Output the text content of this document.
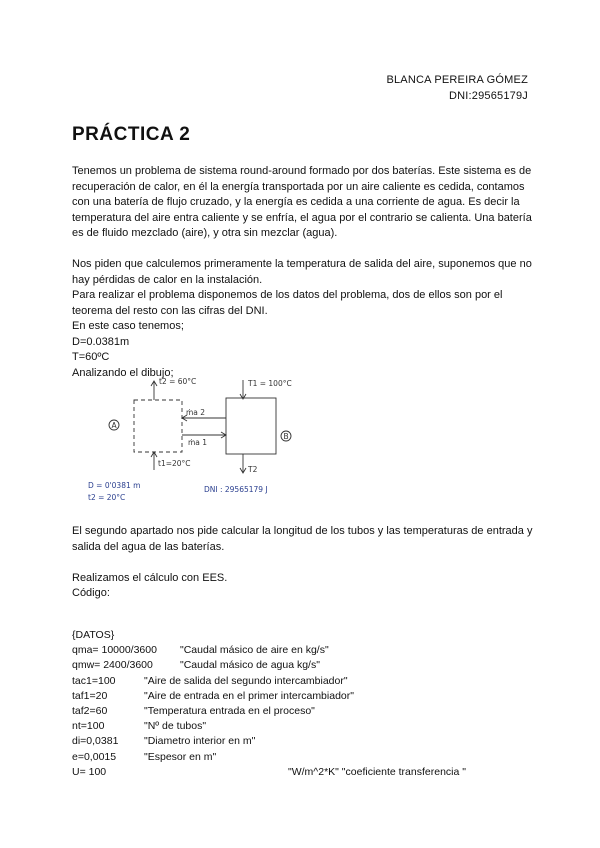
BLANCA PEREIRA GÓMEZ
DNI:29565179J
PRÁCTICA 2

Tenemos un problema de sistema round-around formado por dos baterías. Este sistema es de recuperación de calor, en él la energía transportada por un aire caliente es cedida, contamos con una batería de flujo cruzado, y la energía es cedida a una corriente de agua. Es decir la temperatura del aire entra caliente y se enfría, el agua por el contrario se calienta. Una batería es de fluido mezclado (aire), y otra sin mezclar (agua).

Nos piden que calculemos primeramente la temperatura de salida del aire, suponemos que no hay pérdidas de calor en la instalación.

Para realizar el problema disponemos de los datos del problema, dos de ellos son por el teorema del resto con las cifras del DNI.

En este caso tenemos;

D=0.0381m

T=60ºC

Analizando el dibujo;

A
B
t2 = 60°C
t1=20°C
ṁa 2
ṁa 1
T1 = 100°C
T2
D = 0'0381 m
t2 = 20°C
DNI : 29565179 J

El segundo apartado nos pide calcular la longitud de los tubos y las temperaturas de entrada y salida del agua de las baterías.

Realizamos el cálculo con EES.

Código:

{DATOS}
qma= 10000/3600 "Caudal másico de aire en kg/s"
qmw= 2400/3600	"Caudal másico de agua kg/s"
tac1=100	"Aire de salida del segundo intercambiador"
taf1=20	"Aire de entrada en el primer intercambiador"
taf2=60	"Temperatura entrada en el proceso"
nt=100	"Nº de tubos"
di=0,0381 "Diametro interior en m"
e=0,0015	"Espesor en m"
U= 100	"W/m^2*K" "coeficiente transferencia "
